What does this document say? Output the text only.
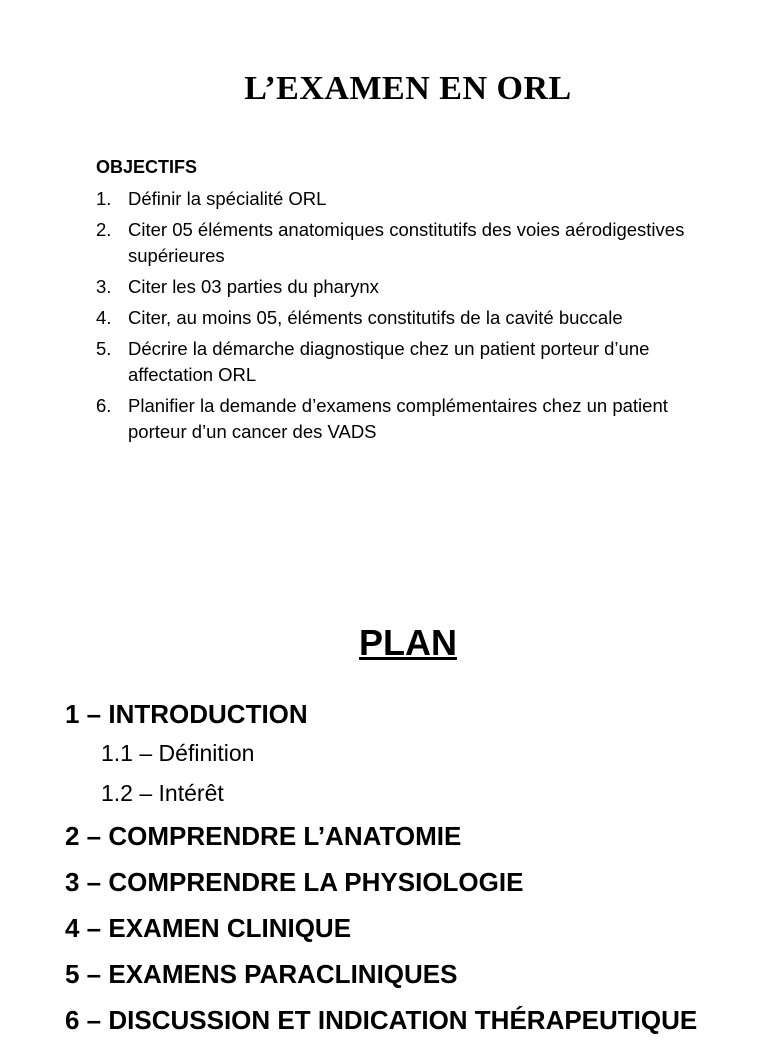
L’EXAMEN EN ORL
OBJECTIFS
1. Définir la spécialité ORL
2. Citer 05 éléments anatomiques constitutifs des voies aérodigestives supérieures
3. Citer les 03 parties du pharynx
4. Citer, au moins 05, éléments constitutifs de la cavité buccale
5. Décrire la démarche diagnostique chez un patient porteur d’une affectation ORL
6. Planifier la demande d’examens complémentaires chez un patient porteur d’un cancer des VADS
PLAN
1 – INTRODUCTION
1.1 – Définition
1.2 – Intérêt
2 – COMPRENDRE L’ANATOMIE
3 – COMPRENDRE LA PHYSIOLOGIE
4 – EXAMEN CLINIQUE
5 – EXAMENS PARACLINIQUES
6 – DISCUSSION ET INDICATION THÉRAPEUTIQUE
